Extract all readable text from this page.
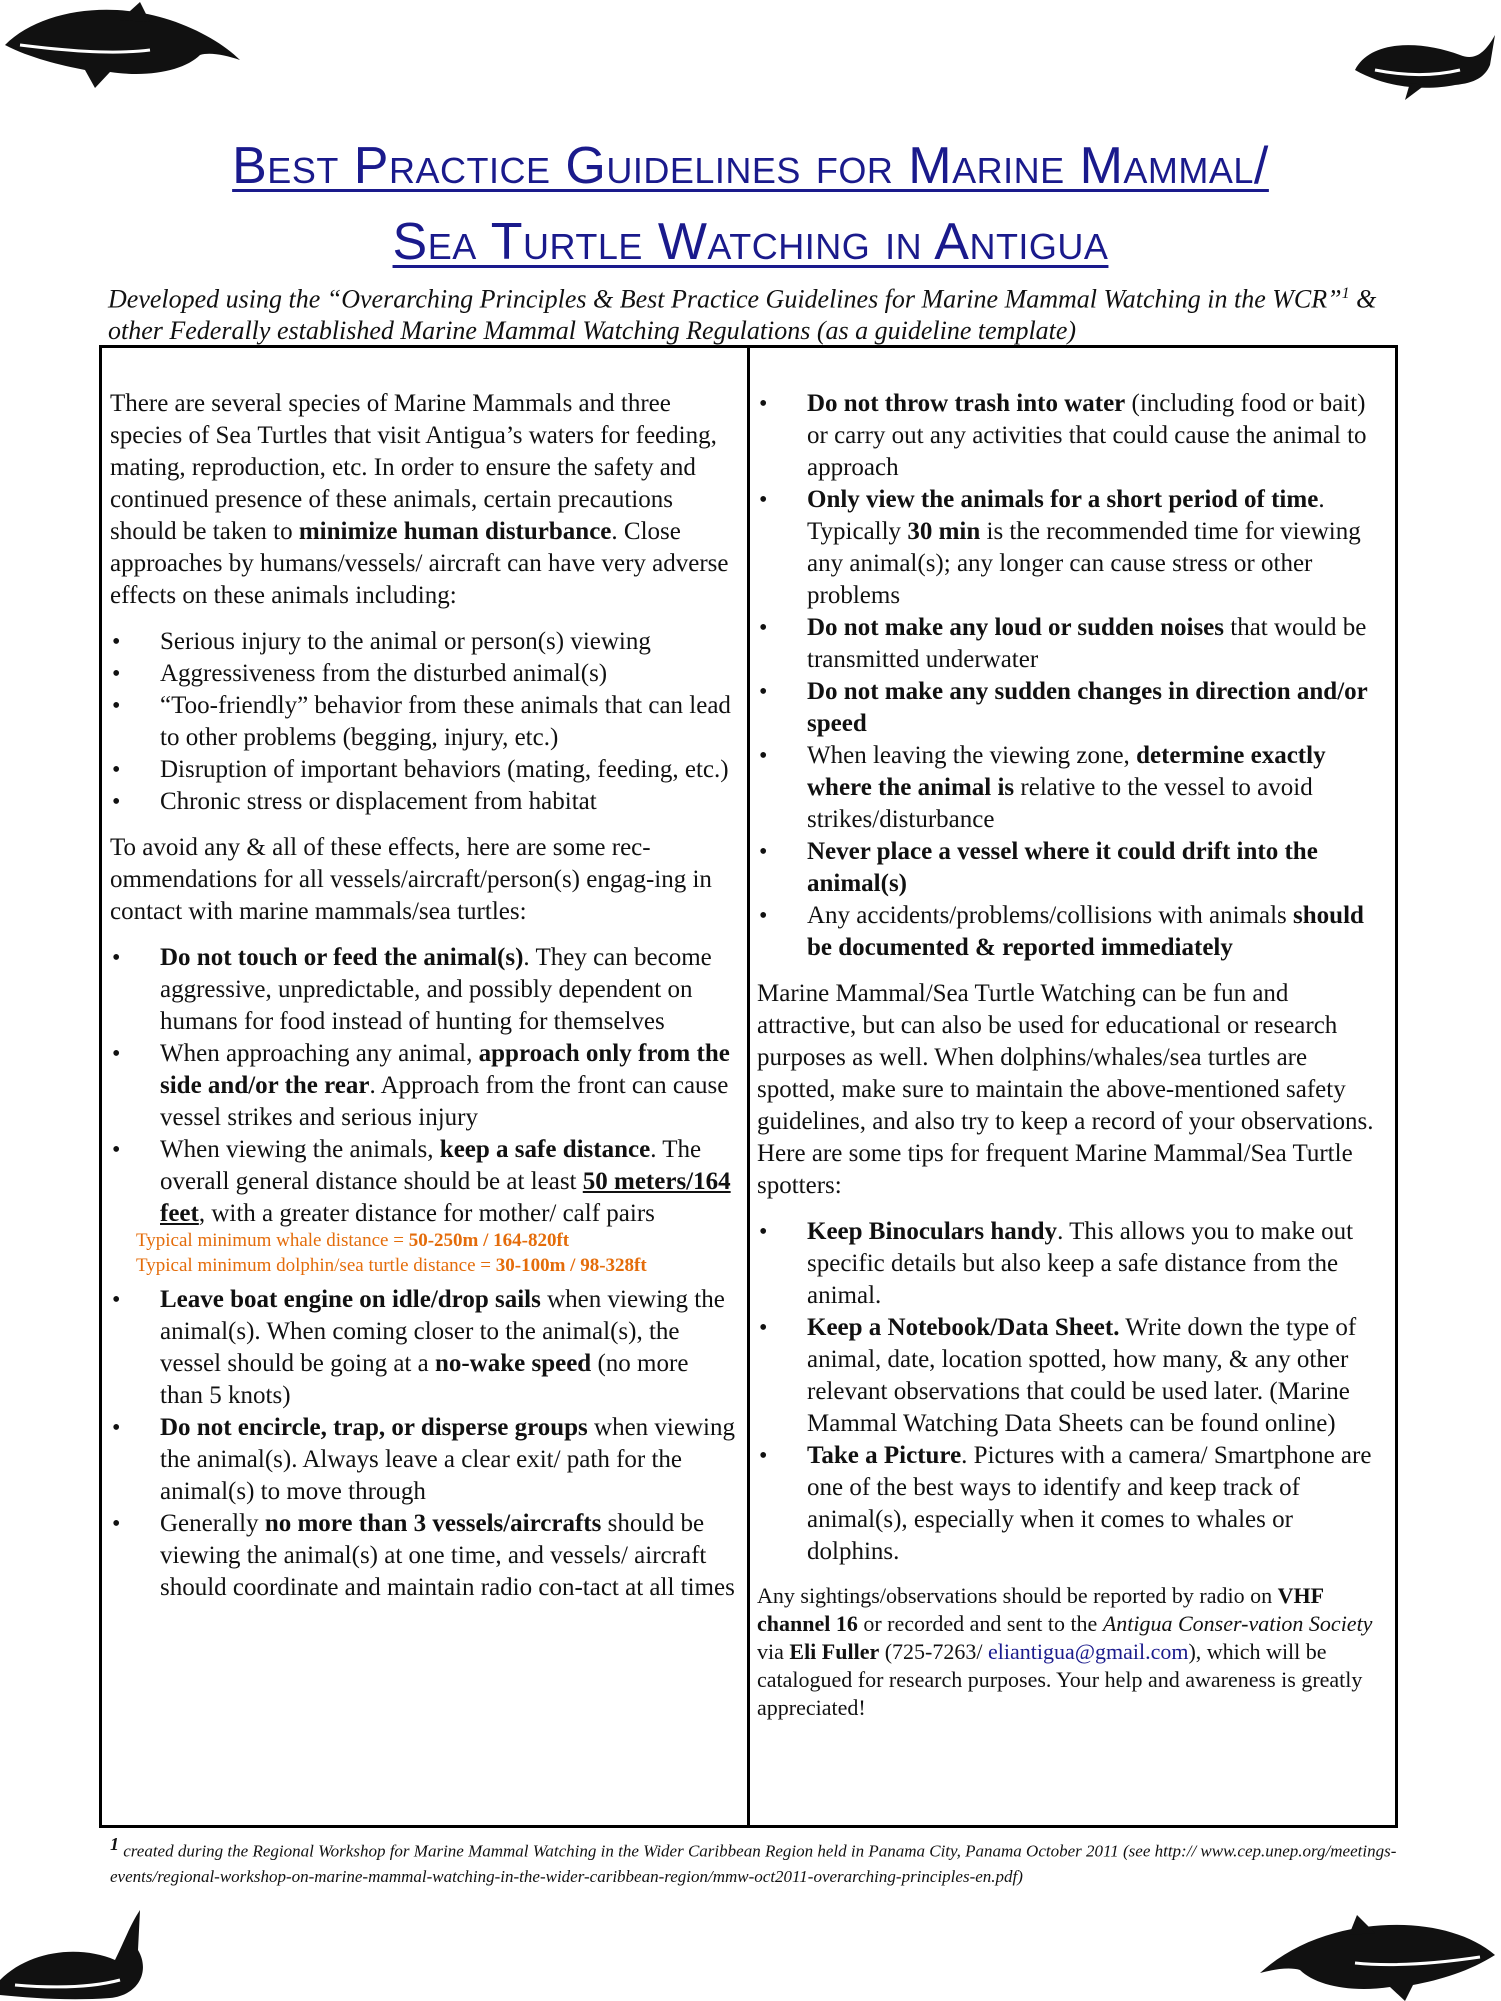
Best Practice Guidelines for Marine Mammal/
Sea Turtle Watching in Antigua
Developed using the “Overarching Principles & Best Practice Guidelines for Marine Mammal Watching in the WCR”$^1$ & other Federally established Marine Mammal Watching Regulations (as a guideline template)

There are several species of Marine Mammals and three species of Sea Turtles that visit Antigua’s waters for feeding, mating, reproduction, etc. In order to ensure the safety and continued presence of these animals, certain precautions should be taken to minimize human disturbance. Close approaches by humans/vessels/ aircraft can have very adverse effects on these animals including:

• Serious injury to the animal or person(s) viewing
• Aggressiveness from the disturbed animal(s)
• “Too-friendly” behavior from these animals that can lead to other problems (begging, injury, etc.)
• Disruption of important behaviors (mating, feeding, etc.)
• Chronic stress or displacement from habitat

To avoid any & all of these effects, here are some rec-ommendations for all vessels/aircraft/person(s) engag-ing in contact with marine mammals/sea turtles:

• Do not touch or feed the animal(s). They can become aggressive, unpredictable, and possibly dependent on humans for food instead of hunting for themselves
• When approaching any animal, approach only from the side and/or the rear. Approach from the front can cause vessel strikes and serious injury
• When viewing the animals, keep a safe distance. The overall general distance should be at least 50 meters/164 feet, with a greater distance for mother/ calf pairs
Typical minimum whale distance = 50-250m / 164-820ft
Typical minimum dolphin/sea turtle distance = 30-100m / 98-328ft
• Leave boat engine on idle/drop sails when viewing the animal(s). When coming closer to the animal(s), the vessel should be going at a no-wake speed (no more than 5 knots)
• Do not encircle, trap, or disperse groups when viewing the animal(s). Always leave a clear exit/ path for the animal(s) to move through
• Generally no more than 3 vessels/aircrafts should be viewing the animal(s) at one time, and vessels/ aircraft should coordinate and maintain radio con-tact at all times
• Do not throw trash into water (including food or bait) or carry out any activities that could cause the animal to approach
• Only view the animals for a short period of time. Typically 30 min is the recommended time for viewing any animal(s); any longer can cause stress or other problems
• Do not make any loud or sudden noises that would be transmitted underwater
• Do not make any sudden changes in direction and/or speed
• When leaving the viewing zone, determine exactly where the animal is relative to the vessel to avoid strikes/disturbance
• Never place a vessel where it could drift into the animal(s)
• Any accidents/problems/collisions with animals should be documented & reported immediately

Marine Mammal/Sea Turtle Watching can be fun and attractive, but can also be used for educational or research purposes as well. When dolphins/whales/sea turtles are spotted, make sure to maintain the above-mentioned safety guidelines, and also try to keep a record of your observations. Here are some tips for frequent Marine Mammal/Sea Turtle spotters:

• Keep Binoculars handy. This allows you to make out specific details but also keep a safe distance from the animal.
• Keep a Notebook/Data Sheet. Write down the type of animal, date, location spotted, how many, & any other relevant observations that could be used later. (Marine Mammal Watching Data Sheets can be found online)
• Take a Picture. Pictures with a camera/ Smartphone are one of the best ways to identify and keep track of animal(s), especially when it comes to whales or dolphins.

Any sightings/observations should be reported by radio on VHF channel 16 or recorded and sent to the Antigua Conser-vation Society via Eli Fuller (725-7263/ eliantigua@gmail.com), which will be catalogued for research purposes. Your help and awareness is greatly appreciated!

$^1$ created during the Regional Workshop for Marine Mammal Watching in the Wider Caribbean Region held in Panama City, Panama October 2011 (see http:// www.cep.unep.org/meetings-events/regional-workshop-on-marine-mammal-watching-in-the-wider-caribbean-region/mmw-oct2011-overarching-principles-en.pdf)
